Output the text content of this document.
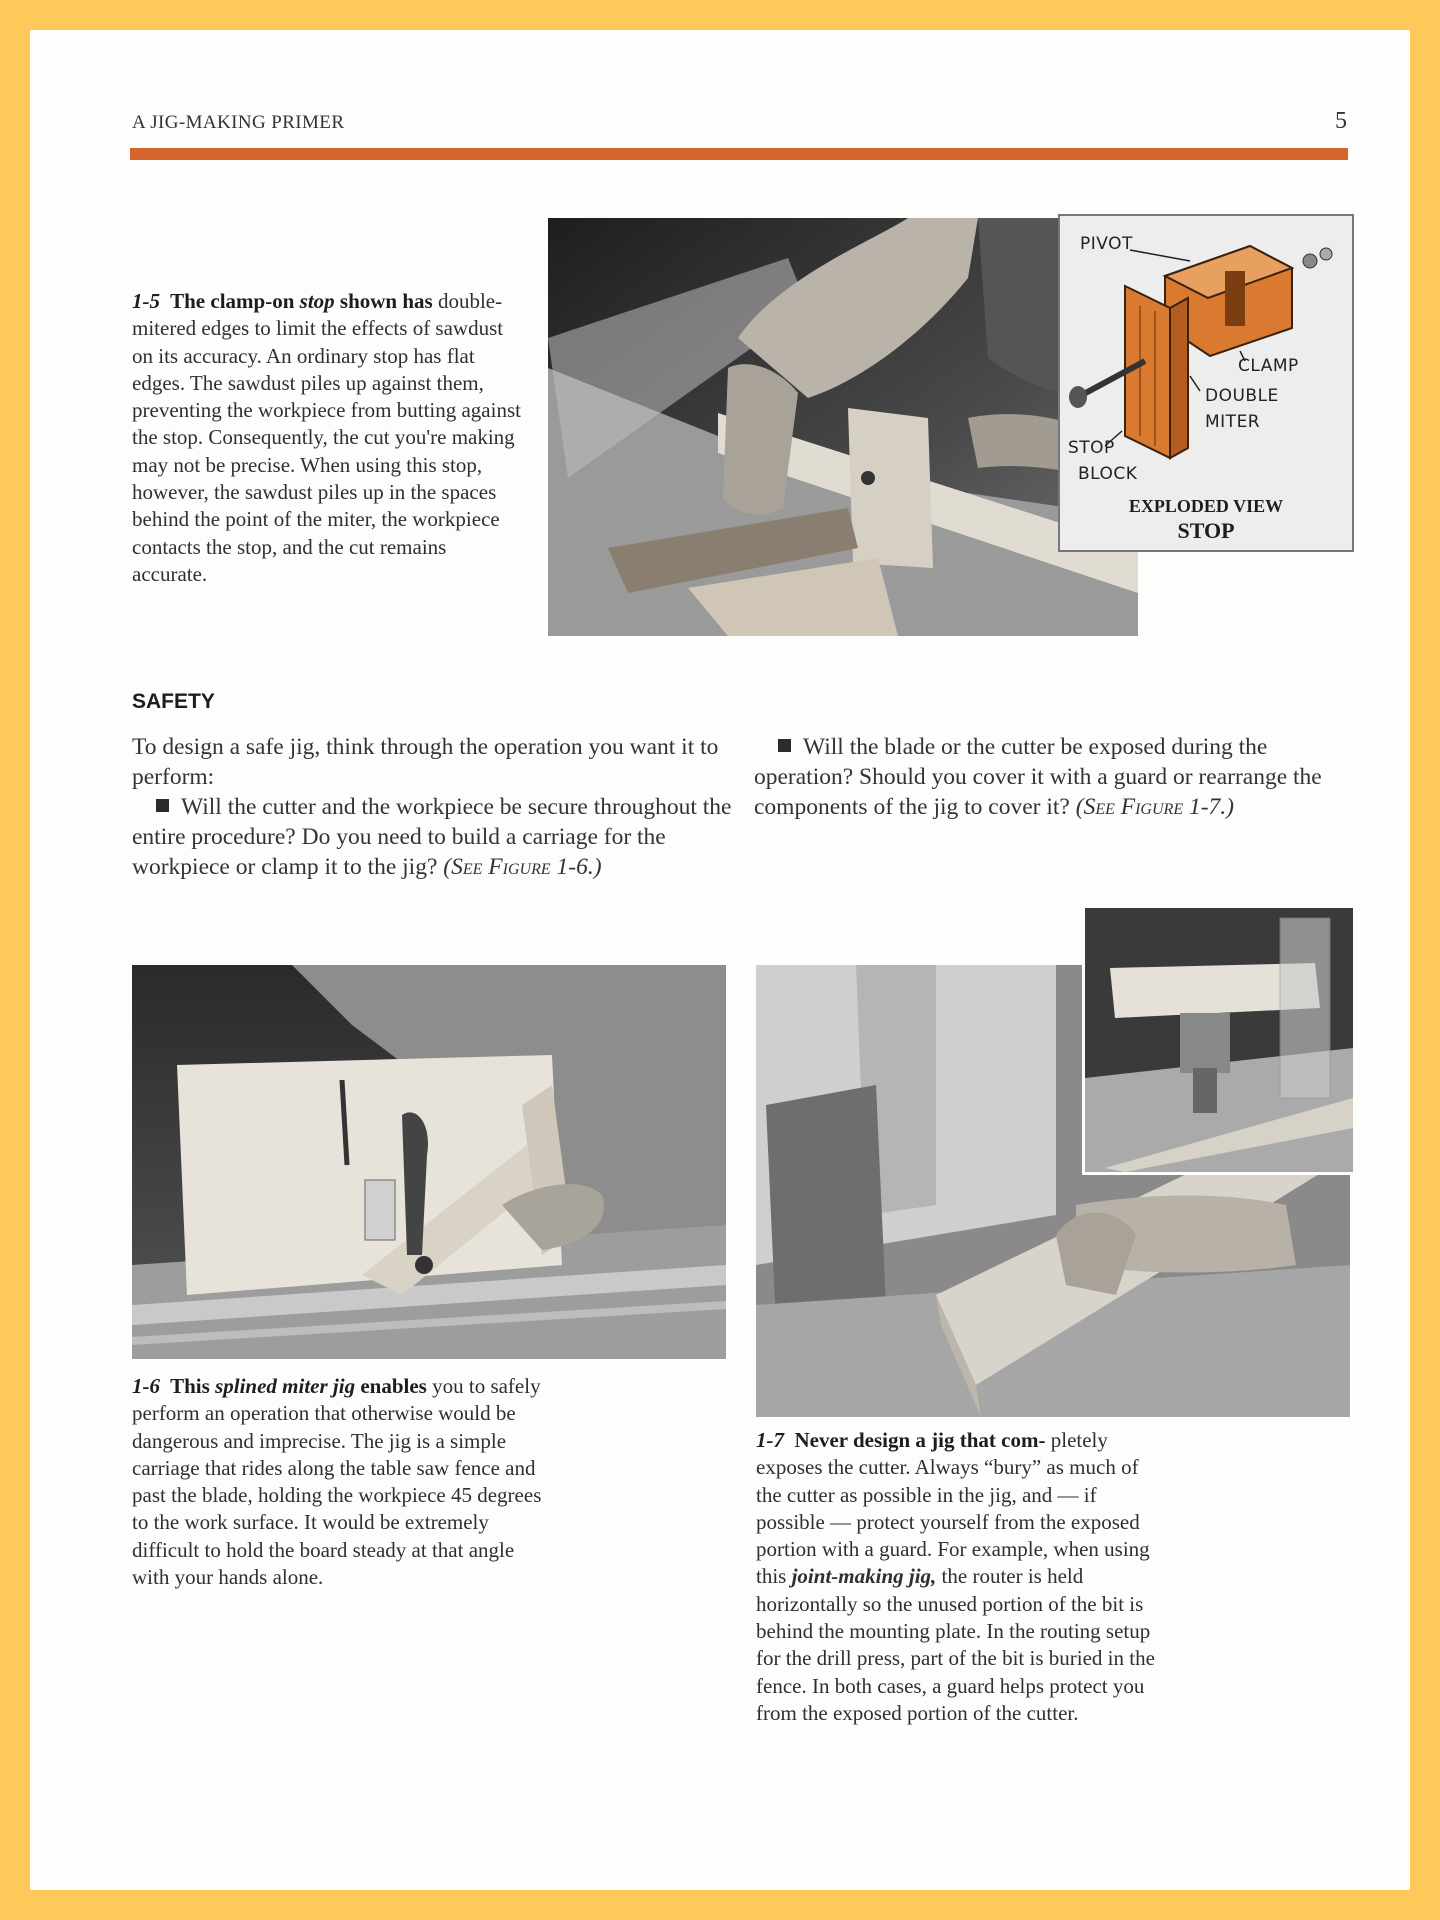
A JIG-MAKING PRIMER	5
1-5 The clamp-on stop shown has double-mitered edges to limit the effects of sawdust on its accuracy. An ordinary stop has flat edges. The sawdust piles up against them, preventing the workpiece from butting against the stop. Consequently, the cut you're making may not be precise. When using this stop, however, the sawdust piles up in the spaces behind the point of the miter, the workpiece contacts the stop, and the cut remains accurate.
PIVOT
CLAMP
DOUBLE
MITER
STOP
BLOCK
EXPLODED VIEW
STOP
SAFETY
To design a safe jig, think through the operation you want it to perform:
Will the cutter and the workpiece be secure throughout the entire procedure? Do you need to build a carriage for the workpiece or clamp it to the jig? (See Figure 1-6.)
Will the blade or the cutter be exposed during the operation? Should you cover it with a guard or rearrange the components of the jig to cover it? (See Figure 1-7.)
1-6 This splined miter jig enables you to safely perform an operation that otherwise would be dangerous and imprecise. The jig is a simple carriage that rides along the table saw fence and past the blade, holding the workpiece 45 degrees to the work surface. It would be extremely difficult to hold the board steady at that angle with your hands alone.
1-7 Never design a jig that com- pletely exposes the cutter. Always “bury” as much of the cutter as possible in the jig, and — if possible — protect yourself from the exposed portion with a guard. For example, when using this joint-making jig, the router is held horizontally so the unused portion of the bit is behind the mounting plate. In the routing setup for the drill press, part of the bit is buried in the fence. In both cases, a guard helps protect you from the exposed portion of the cutter.
